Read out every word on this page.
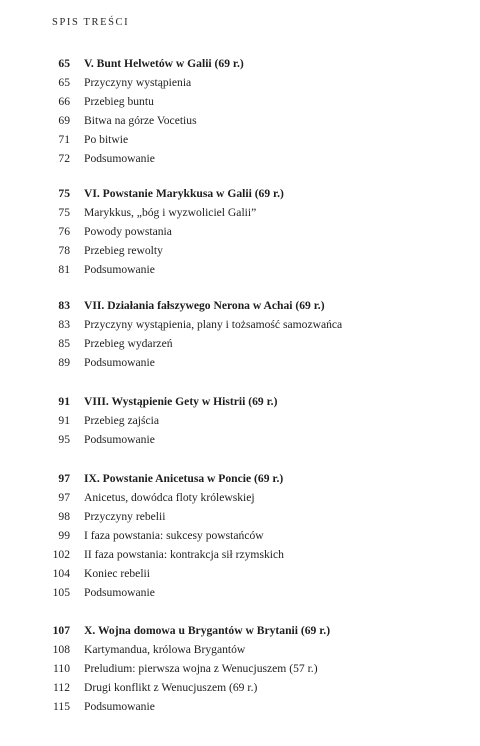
SPIS TREŚCI
65 V. Bunt Helwetów w Galii (69 r.)
65 Przyczyny wystąpienia
66 Przebieg buntu
69 Bitwa na górze Vocetius
71 Po bitwie
72 Podsumowanie
75 VI. Powstanie Marykkusa w Galii (69 r.)
75 Marykkus, „bóg i wyzwoliciel Galii”
76 Powody powstania
78 Przebieg rewolty
81 Podsumowanie
83 VII. Działania fałszywego Nerona w Achai (69 r.)
83 Przyczyny wystąpienia, plany i tożsamość samozwańca
85 Przebieg wydarzeń
89 Podsumowanie
91 VIII. Wystąpienie Gety w Histrii (69 r.)
91 Przebieg zajścia
95 Podsumowanie
97 IX. Powstanie Anicetusa w Poncie (69 r.)
97 Anicetus, dowódca floty królewskiej
98 Przyczyny rebelii
99 I faza powstania: sukcesy powstańców
102 II faza powstania: kontrakcja sił rzymskich
104 Koniec rebelii
105 Podsumowanie
107 X. Wojna domowa u Brygantów w Brytanii (69 r.)
108 Kartymandua, królowa Brygantów
110 Preludium: pierwsza wojna z Wenucjuszem (57 r.)
112 Drugi konflikt z Wenucjuszem (69 r.)
115 Podsumowanie
